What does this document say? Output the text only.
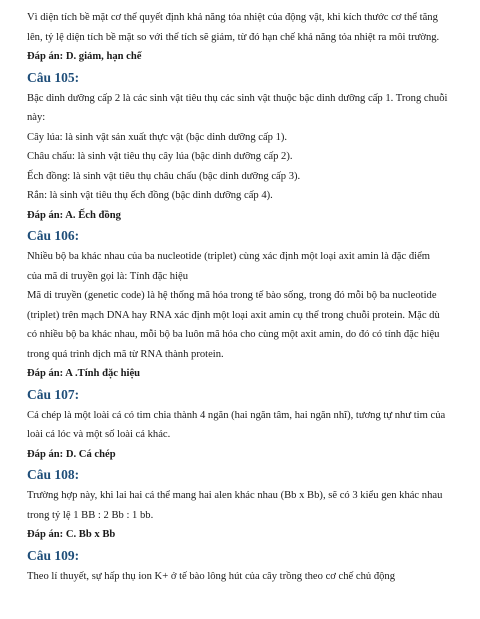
Vì diện tích bề mặt cơ thể quyết định khả năng tỏa nhiệt của động vật, khi kích thước cơ thể tăng

lên, tỷ lệ diện tích bề mặt so với thể tích sẽ giảm, từ đó hạn chế khả năng tỏa nhiệt ra môi trường.

Đáp án: D. giảm, hạn chế

Câu 105:

Bậc dinh dưỡng cấp 2 là các sinh vật tiêu thụ các sinh vật thuộc bậc dinh dưỡng cấp 1. Trong chuỗi

này:

Cây lúa: là sinh vật sản xuất thực vật (bậc dinh dưỡng cấp 1).

Châu chấu: là sinh vật tiêu thụ cây lúa (bậc dinh dưỡng cấp 2).

Ếch đồng: là sinh vật tiêu thụ châu chấu (bậc dinh dưỡng cấp 3).

Rắn: là sinh vật tiêu thụ ếch đồng (bậc dinh dưỡng cấp 4).

Đáp án: A. Ếch đồng

Câu 106:

Nhiều bộ ba khác nhau của ba nucleotide (triplet) cùng xác định một loại axit amin là đặc điểm

của mã di truyền gọi là: Tính đặc hiệu

Mã di truyền (genetic code) là hệ thống mã hóa trong tế bào sống, trong đó mỗi bộ ba nucleotide

(triplet) trên mạch DNA hay RNA xác định một loại axit amin cụ thể trong chuỗi protein. Mặc dù

có nhiều bộ ba khác nhau, mỗi bộ ba luôn mã hóa cho cùng một axit amin, do đó có tính đặc hiệu

trong quá trình dịch mã từ RNA thành protein.

Đáp án: A .Tính đặc hiệu

Câu 107:

Cá chép là một loài cá có tim chia thành 4 ngăn (hai ngăn tâm, hai ngăn nhĩ), tương tự như tim của

loài cá lóc và một số loài cá khác.

Đáp án: D. Cá chép

Câu 108:

Trường hợp này, khi lai hai cá thể mang hai alen khác nhau (Bb x Bb), sẽ có 3 kiểu gen khác nhau

trong tỷ lệ 1 BB : 2 Bb : 1 bb.

Đáp án: C. Bb x Bb

Câu 109:

Theo lí thuyết, sự hấp thụ ion K+ ở tế bào lông hút của cây trồng theo cơ chế chủ động
